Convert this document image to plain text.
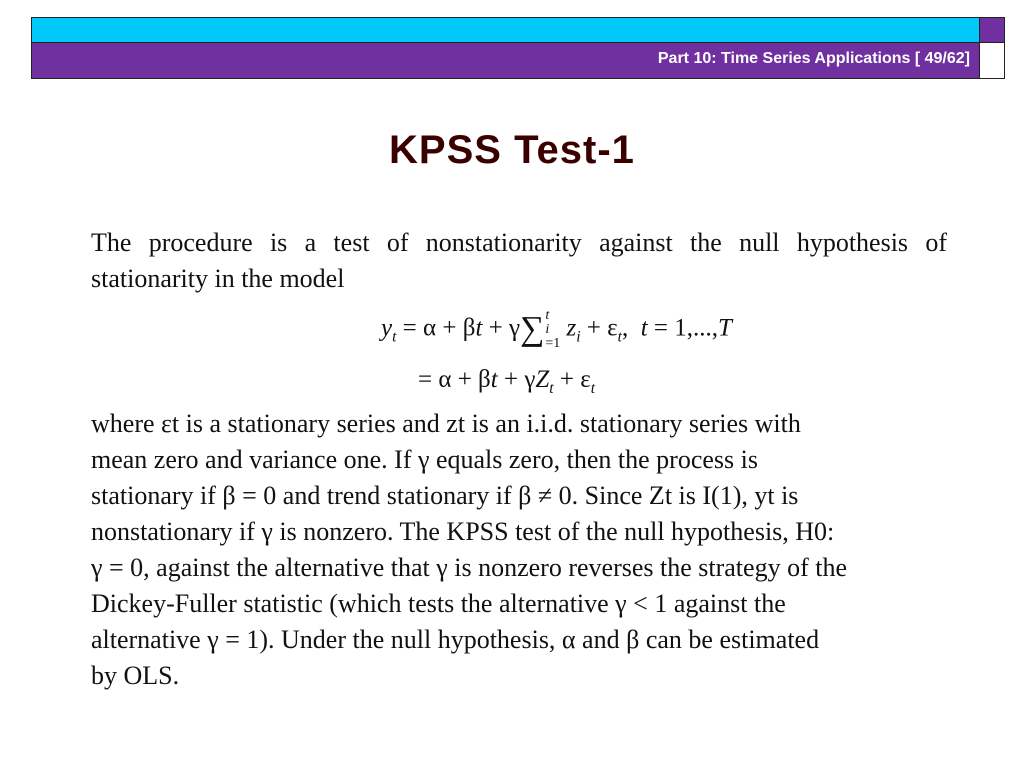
Part 10: Time Series Applications [ 49/62]
KPSS Test-1
The procedure is a test of nonstationarity against the null hypothesis of stationarity in the model
$y_t = \alpha + \beta t + \gamma\sum$ t
i
=1
$z_i + \varepsilon_t$,  t = 1,...,T
= $\alpha + \beta t + \gamma Z_t + \varepsilon_t$
where εt is a stationary series and zt is an i.i.d. stationary series with
mean zero and variance one. If γ equals zero, then the process is
stationary if β = 0 and trend stationary if β ≠ 0. Since Zt is I(1), yt is
nonstationary if γ is nonzero. The KPSS test of the null hypothesis, H0:
γ = 0, against the alternative that γ is nonzero reverses the strategy of the
Dickey-Fuller statistic (which tests the alternative γ < 1 against the
alternative γ = 1). Under the null hypothesis, α and β can be estimated
by OLS.
